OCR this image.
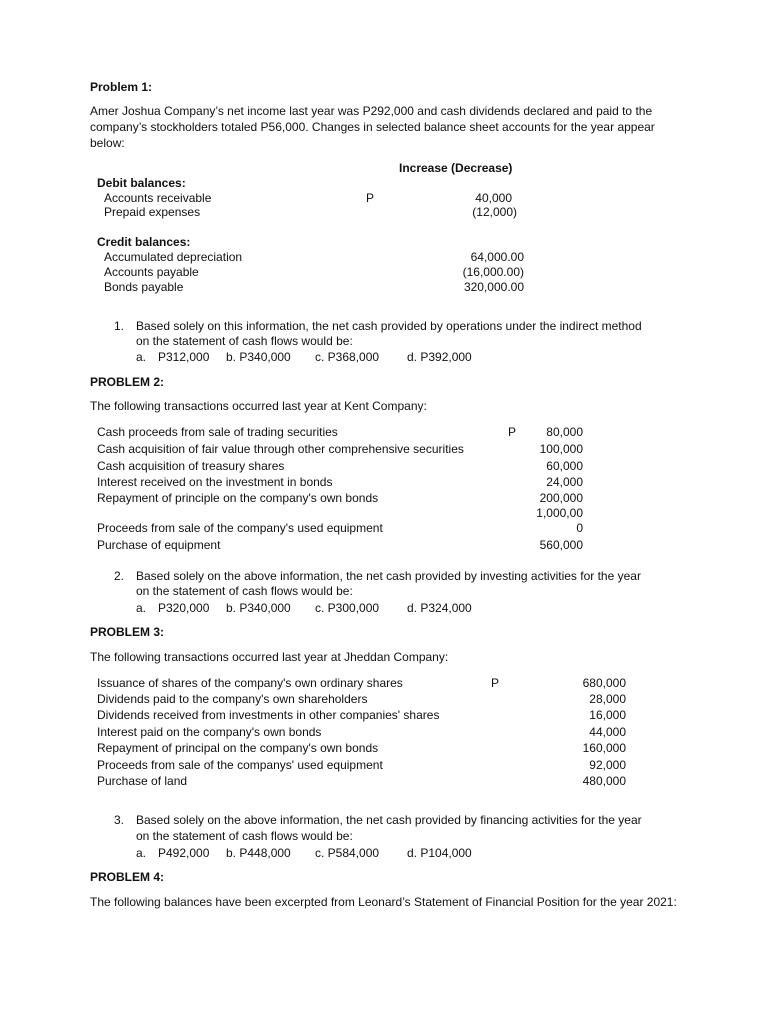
Problem 1:
Amer Joshua Company’s net income last year was P292,000 and cash dividends declared and paid to the company’s stockholders totaled P56,000. Changes in selected balance sheet accounts for the year appear below:
Increase (Decrease)
Debit balances:
Accounts receivable	P	40,000
Prepaid expenses	(12,000)
Credit balances:
Accumulated depreciation	64,000.00
Accounts payable	(16,000.00)
Bonds payable	320,000.00
1. Based solely on this information, the net cash provided by operations under the indirect method
on the statement of cash flows would be:
a. P312,000 b. P340,000 c. P368,000 d. P392,000
PROBLEM 2:
The following transactions occurred last year at Kent Company:
Cash proceeds from sale of trading securities	P	80,000
Cash acquisition of fair value through other comprehensive securities	100,000
Cash acquisition of treasury shares	60,000
Interest received on the investment in bonds	24,000
Repayment of principle on the company's own bonds	200,000
1,000,00
Proceeds from sale of the company's used equipment	0
Purchase of equipment	560,000
2. Based solely on the above information, the net cash provided by investing activities for the year
on the statement of cash flows would be:
a. P320,000 b. P340,000 c. P300,000 d. P324,000
PROBLEM 3:
The following transactions occurred last year at Jheddan Company:
Issuance of shares of the company's own ordinary shares	P	680,000
Dividends paid to the company's own shareholders	28,000
Dividends received from investments in other companies' shares	16,000
Interest paid on the company's own bonds	44,000
Repayment of principal on the company's own bonds	160,000
Proceeds from sale of the companys' used equipment	92,000
Purchase of land	480,000
3. Based solely on the above information, the net cash provided by financing activities for the year
on the statement of cash flows would be:
a. P492,000 b. P448,000 c. P584,000 d. P104,000
PROBLEM 4:
The following balances have been excerpted from Leonard’s Statement of Financial Position for the year 2021:
